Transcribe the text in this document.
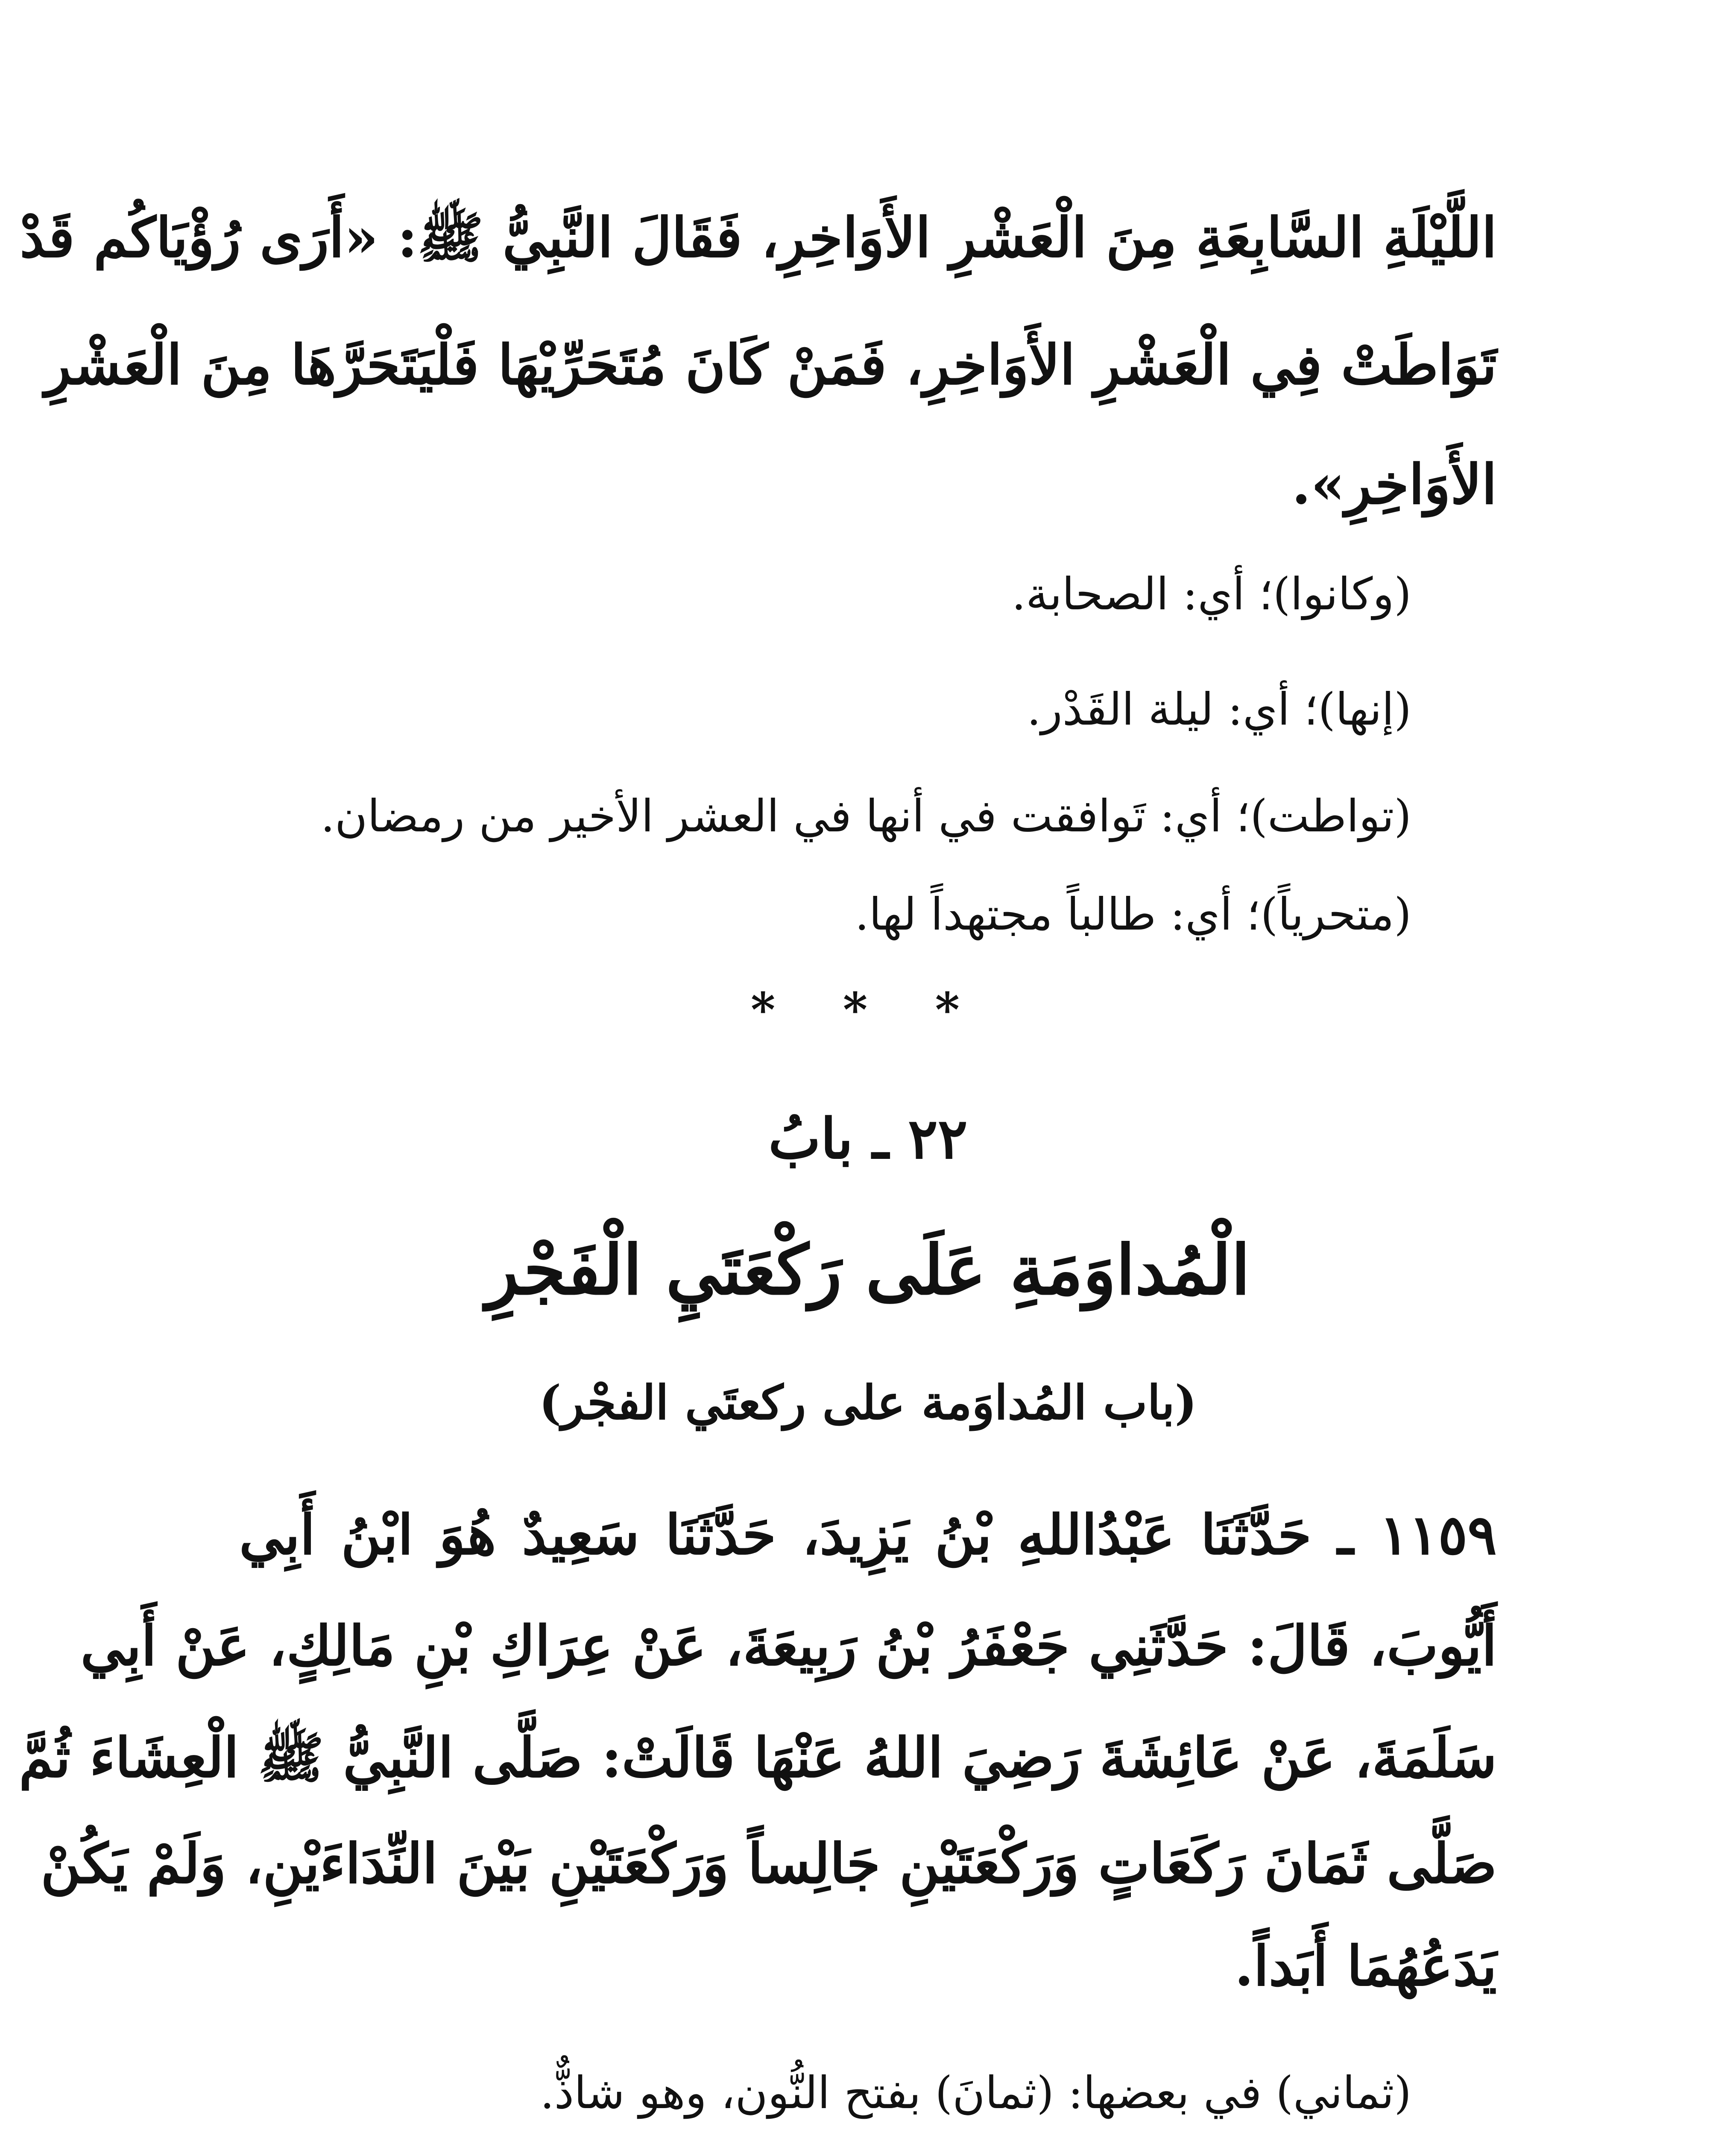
اللَّيْلَةِ السَّابِعَةِ مِنَ الْعَشْرِ الأَوَاخِرِ، فَقَالَ النَّبِيُّ ﷺ: «أَرَى رُؤْيَاكُم قَدْ
تَوَاطَتْ فِي الْعَشْرِ الأَوَاخِرِ، فَمَنْ كَانَ مُتَحَرِّيْهَا فَلْيَتَحَرَّهَا مِنَ الْعَشْرِ
الأَوَاخِرِ».
(وكانوا)؛ أي: الصحابة.
(إنها)؛ أي: ليلة القَدْر.
(تواطت)؛ أي: تَوافقت في أنها في العشر الأخير من رمضان.
(متحرياً)؛ أي: طالباً مجتهداً لها.
* * *
٢٢ ـ بابُ
الْمُداوَمَةِ عَلَى رَكْعَتَيِ الْفَجْرِ
(باب المُداوَمة على ركعتَي الفجْر)
١١٥٩ ـ حَدَّثَنَا عَبْدُاللهِ بْنُ يَزِيدَ، حَدَّثَنَا سَعِيدٌ هُوَ ابْنُ أَبِي
أَيُّوبَ، قَالَ: حَدَّثَنِي جَعْفَرُ بْنُ رَبِيعَةَ، عَنْ عِرَاكِ بْنِ مَالِكٍ، عَنْ أَبِي
سَلَمَةَ، عَنْ عَائِشَةَ رَضِيَ اللهُ عَنْهَا قَالَتْ: صَلَّى النَّبِيُّ ﷺ الْعِشَاءَ ثُمَّ
صَلَّى ثَمَانَ رَكَعَاتٍ وَرَكْعَتَيْنِ جَالِساً وَرَكْعَتَيْنِ بَيْنَ النِّدَاءَيْنِ، وَلَمْ يَكُنْ
يَدَعُهُمَا أَبَداً.
(ثماني) في بعضها: (ثمانَ) بفتح النُّون، وهو شاذٌّ.
